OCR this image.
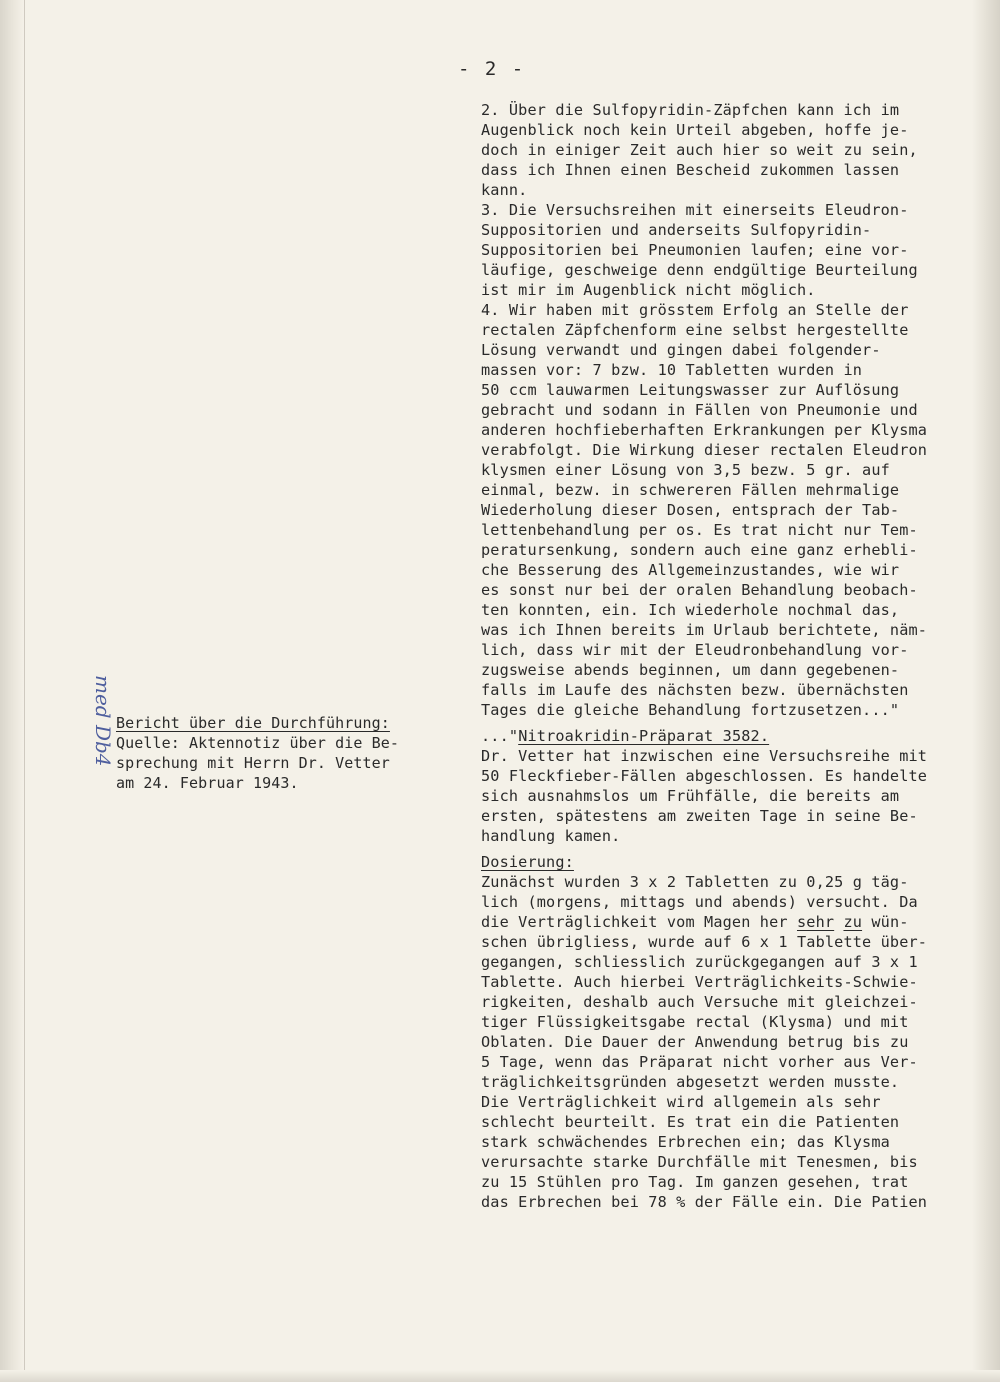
- 2 -
med Db4 Bericht über die Durchführung:
Quelle: Aktennotiz über die Be-
sprechung mit Herrn Dr. Vetter
am 24. Februar 1943.
2. Über die Sulfopyridin-Zäpfchen kann ich im
Augenblick noch kein Urteil abgeben, hoffe je-
doch in einiger Zeit auch hier so weit zu sein,
dass ich Ihnen einen Bescheid zukommen lassen
kann.
3. Die Versuchsreihen mit einerseits Eleudron-
Suppositorien und anderseits Sulfopyridin-
Suppositorien bei Pneumonien laufen; eine vor-
läufige, geschweige denn endgültige Beurteilung
ist mir im Augenblick nicht möglich.
4. Wir haben mit grösstem Erfolg an Stelle der
rectalen Zäpfchenform eine selbst hergestellte
Lösung verwandt und gingen dabei folgender-
massen vor: 7 bzw. 10 Tabletten wurden in
50 ccm lauwarmen Leitungswasser zur Auflösung
gebracht und sodann in Fällen von Pneumonie und
anderen hochfieberhaften Erkrankungen per Klysma
verabfolgt. Die Wirkung dieser rectalen Eleudron
klysmen einer Lösung von 3,5 bezw. 5 gr. auf
einmal, bezw. in schwereren Fällen mehrmalige
Wiederholung dieser Dosen, entsprach der Tab-
lettenbehandlung per os. Es trat nicht nur Tem-
peratursenkung, sondern auch eine ganz erhebli-
che Besserung des Allgemeinzustandes, wie wir
es sonst nur bei der oralen Behandlung beobach-
ten konnten, ein. Ich wiederhole nochmal das,
was ich Ihnen bereits im Urlaub berichtete, näm-
lich, dass wir mit der Eleudronbehandlung vor-
zugsweise abends beginnen, um dann gegebenen-
falls im Laufe des nächsten bezw. übernächsten
Tages die gleiche Behandlung fortzusetzen..."
..."Nitroakridin-Präparat 3582.
Dr. Vetter hat inzwischen eine Versuchsreihe mit
50 Fleckfieber-Fällen abgeschlossen. Es handelte
sich ausnahmslos um Frühfälle, die bereits am
ersten, spätestens am zweiten Tage in seine Be-
handlung kamen.
Dosierung:
Zunächst wurden 3 x 2 Tabletten zu 0,25 g täg-
lich (morgens, mittags und abends) versucht. Da
die Verträglichkeit vom Magen her sehr zu wün-
schen übrigliess, wurde auf 6 x 1 Tablette über-
gegangen, schliesslich zurückgegangen auf 3 x 1
Tablette. Auch hierbei Verträglichkeits-Schwie-
rigkeiten, deshalb auch Versuche mit gleichzei-
tiger Flüssigkeitsgabe rectal (Klysma) und mit
Oblaten. Die Dauer der Anwendung betrug bis zu
5 Tage, wenn das Präparat nicht vorher aus Ver-
träglichkeitsgründen abgesetzt werden musste.
Die Verträglichkeit wird allgemein als sehr
schlecht beurteilt. Es trat ein die Patienten
stark schwächendes Erbrechen ein; das Klysma
verursachte starke Durchfälle mit Tenesmen, bis
zu 15 Stühlen pro Tag. Im ganzen gesehen, trat
das Erbrechen bei 78 % der Fälle ein. Die Patien
